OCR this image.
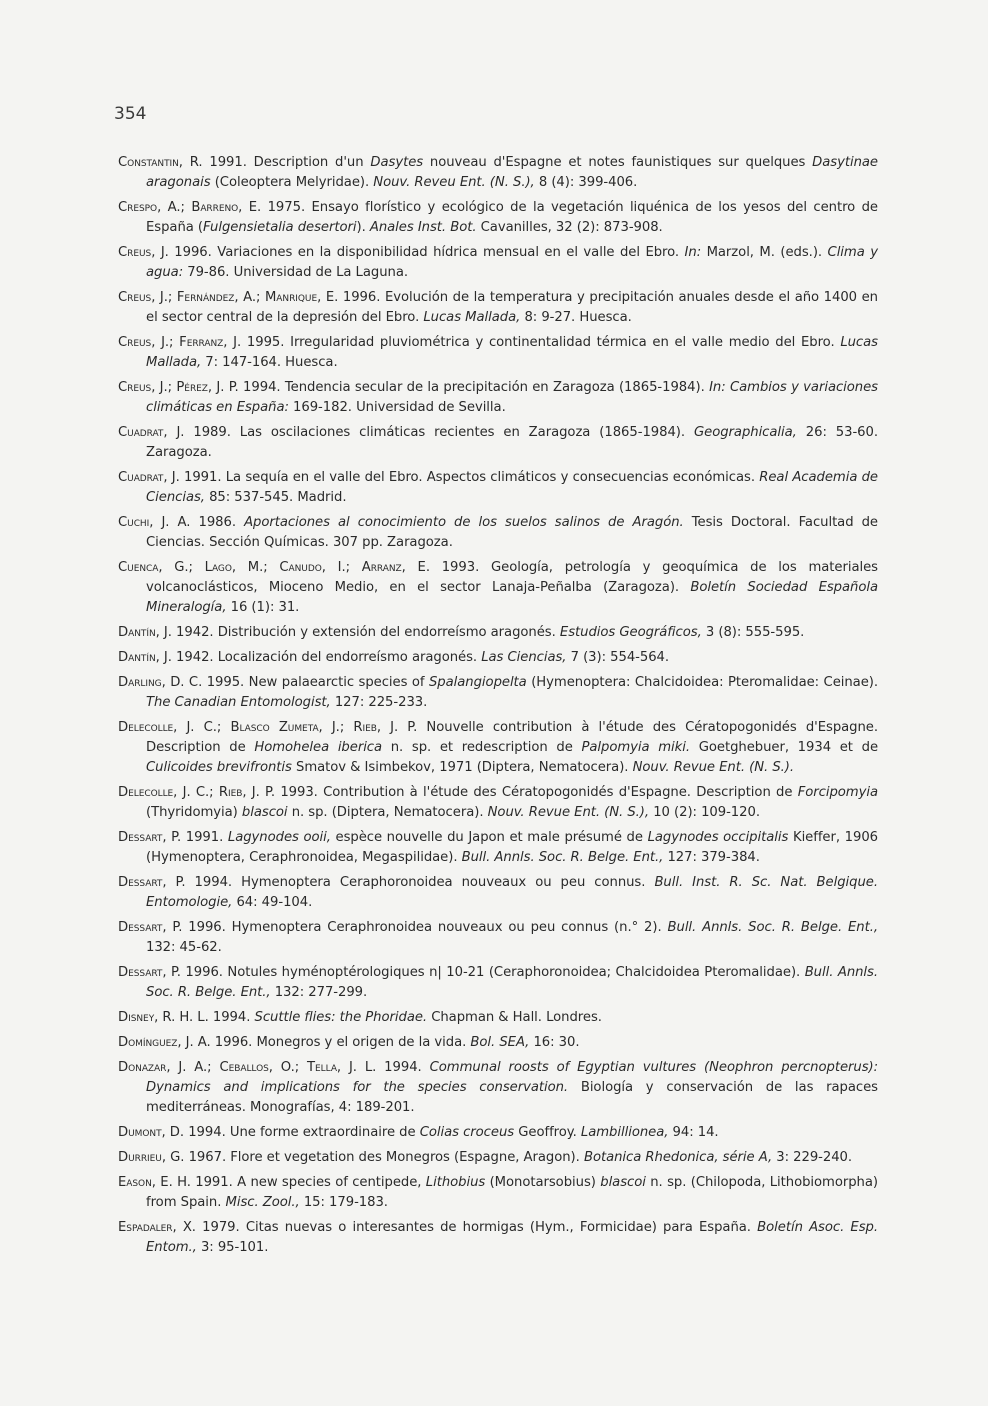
354

Constantin, R. 1991. Description d'un Dasytes nouveau d'Espagne et notes faunistiques sur quelques Dasytinae aragonais (Coleoptera Melyridae). Nouv. Reveu Ent. (N. S.), 8 (4): 399-406.

Crespo, A.; Barreno, E. 1975. Ensayo florístico y ecológico de la vegetación liquénica de los yesos del centro de España (Fulgensietalia desertori). Anales Inst. Bot. Cavanilles, 32 (2): 873-908.

Creus, J. 1996. Variaciones en la disponibilidad hídrica mensual en el valle del Ebro. In: Marzol, M. (eds.). Clima y agua: 79-86. Universidad de La Laguna.

Creus, J.; Fernández, A.; Manrique, E. 1996. Evolución de la temperatura y precipitación anuales desde el año 1400 en el sector central de la depresión del Ebro. Lucas Mallada, 8: 9-27. Huesca.

Creus, J.; Ferranz, J. 1995. Irregularidad pluviométrica y continentalidad térmica en el valle medio del Ebro. Lucas Mallada, 7: 147-164. Huesca.

Creus, J.; Pérez, J. P. 1994. Tendencia secular de la precipitación en Zaragoza (1865-1984). In: Cambios y variaciones climáticas en España: 169-182. Universidad de Sevilla.

Cuadrat, J. 1989. Las oscilaciones climáticas recientes en Zaragoza (1865-1984). Geographicalia, 26: 53-60. Zaragoza.

Cuadrat, J. 1991. La sequía en el valle del Ebro. Aspectos climáticos y consecuencias económicas. Real Academia de Ciencias, 85: 537-545. Madrid.

Cuchi, J. A. 1986. Aportaciones al conocimiento de los suelos salinos de Aragón. Tesis Doctoral. Facultad de Ciencias. Sección Químicas. 307 pp. Zaragoza.

Cuenca, G.; Lago, M.; Canudo, I.; Arranz, E. 1993. Geología, petrología y geoquímica de los materiales volcanoclásticos, Mioceno Medio, en el sector Lanaja-Peñalba (Zaragoza). Boletín Sociedad Española Mineralogía, 16 (1): 31.

Dantín, J. 1942. Distribución y extensión del endorreísmo aragonés. Estudios Geográficos, 3 (8): 555-595.

Dantín, J. 1942. Localización del endorreísmo aragonés. Las Ciencias, 7 (3): 554-564.

Darling, D. C. 1995. New palaearctic species of Spalangiopelta (Hymenoptera: Chalcidoidea: Pteromalidae: Ceinae). The Canadian Entomologist, 127: 225-233.

Delecolle, J. C.; Blasco Zumeta, J.; Rieb, J. P. Nouvelle contribution à l'étude des Cératopogonidés d'Espagne. Description de Homohelea iberica n. sp. et redescription de Palpomyia miki. Goetghebuer, 1934 et de Culicoides brevifrontis Smatov & Isimbekov, 1971 (Diptera, Nematocera). Nouv. Revue Ent. (N. S.).

Delecolle, J. C.; Rieb, J. P. 1993. Contribution à l'étude des Cératopogonidés d'Espagne. Description de Forcipomyia (Thyridomyia) blascoi n. sp. (Diptera, Nematocera). Nouv. Revue Ent. (N. S.), 10 (2): 109-120.

Dessart, P. 1991. Lagynodes ooii, espèce nouvelle du Japon et male présumé de Lagynodes occipitalis Kieffer, 1906 (Hymenoptera, Ceraphronoidea, Megaspilidae). Bull. Annls. Soc. R. Belge. Ent., 127: 379-384.

Dessart, P. 1994. Hymenoptera Ceraphoronoidea nouveaux ou peu connus. Bull. Inst. R. Sc. Nat. Belgique. Entomologie, 64: 49-104.

Dessart, P. 1996. Hymenoptera Ceraphronoidea nouveaux ou peu connus (n.° 2). Bull. Annls. Soc. R. Belge. Ent., 132: 45-62.

Dessart, P. 1996. Notules hyménoptérologiques n| 10-21 (Ceraphoronoidea; Chalcidoidea Pteromalidae). Bull. Annls. Soc. R. Belge. Ent., 132: 277-299.

Disney, R. H. L. 1994. Scuttle flies: the Phoridae. Chapman & Hall. Londres.

Domínguez, J. A. 1996. Monegros y el origen de la vida. Bol. SEA, 16: 30.

Donazar, J. A.; Ceballos, O.; Tella, J. L. 1994. Communal roosts of Egyptian vultures (Neophron percnopterus): Dynamics and implications for the species conservation. Biología y conservación de las rapaces mediterráneas. Monografías, 4: 189-201.

Dumont, D. 1994. Une forme extraordinaire de Colias croceus Geoffroy. Lambillionea, 94: 14.

Durrieu, G. 1967. Flore et vegetation des Monegros (Espagne, Aragon). Botanica Rhedonica, série A, 3: 229-240.

Eason, E. H. 1991. A new species of centipede, Lithobius (Monotarsobius) blascoi n. sp. (Chilopoda, Lithobiomorpha) from Spain. Misc. Zool., 15: 179-183.

Espadaler, X. 1979. Citas nuevas o interesantes de hormigas (Hym., Formicidae) para España. Boletín Asoc. Esp. Entom., 3: 95-101.
